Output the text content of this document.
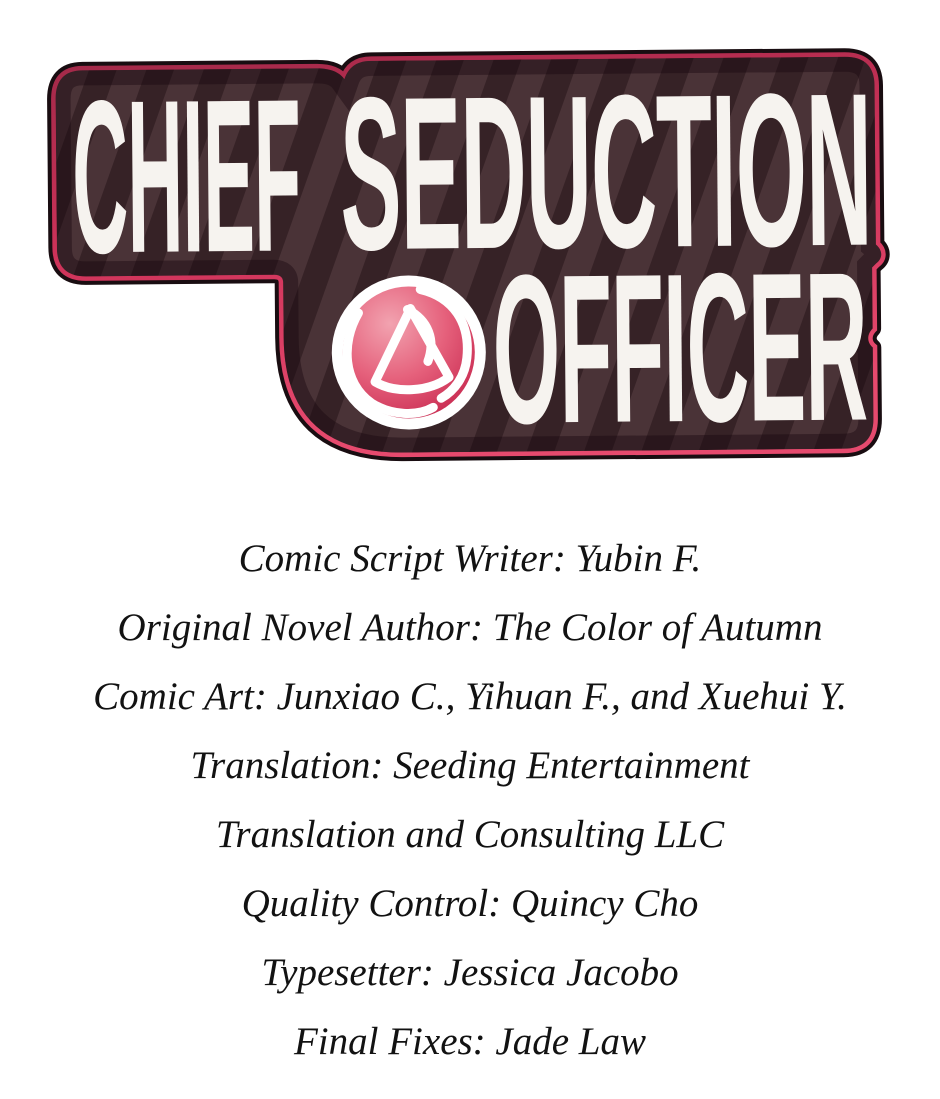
CHIEF
SEDUCTION
OFFICER
Comic Script Writer: Yubin F.
Original Novel Author: The Color of Autumn
Comic Art: Junxiao C., Yihuan F., and Xuehui Y.
Translation: Seeding Entertainment
Translation and Consulting LLC
Quality Control: Quincy Cho
Typesetter: Jessica Jacobo
Final Fixes: Jade Law
